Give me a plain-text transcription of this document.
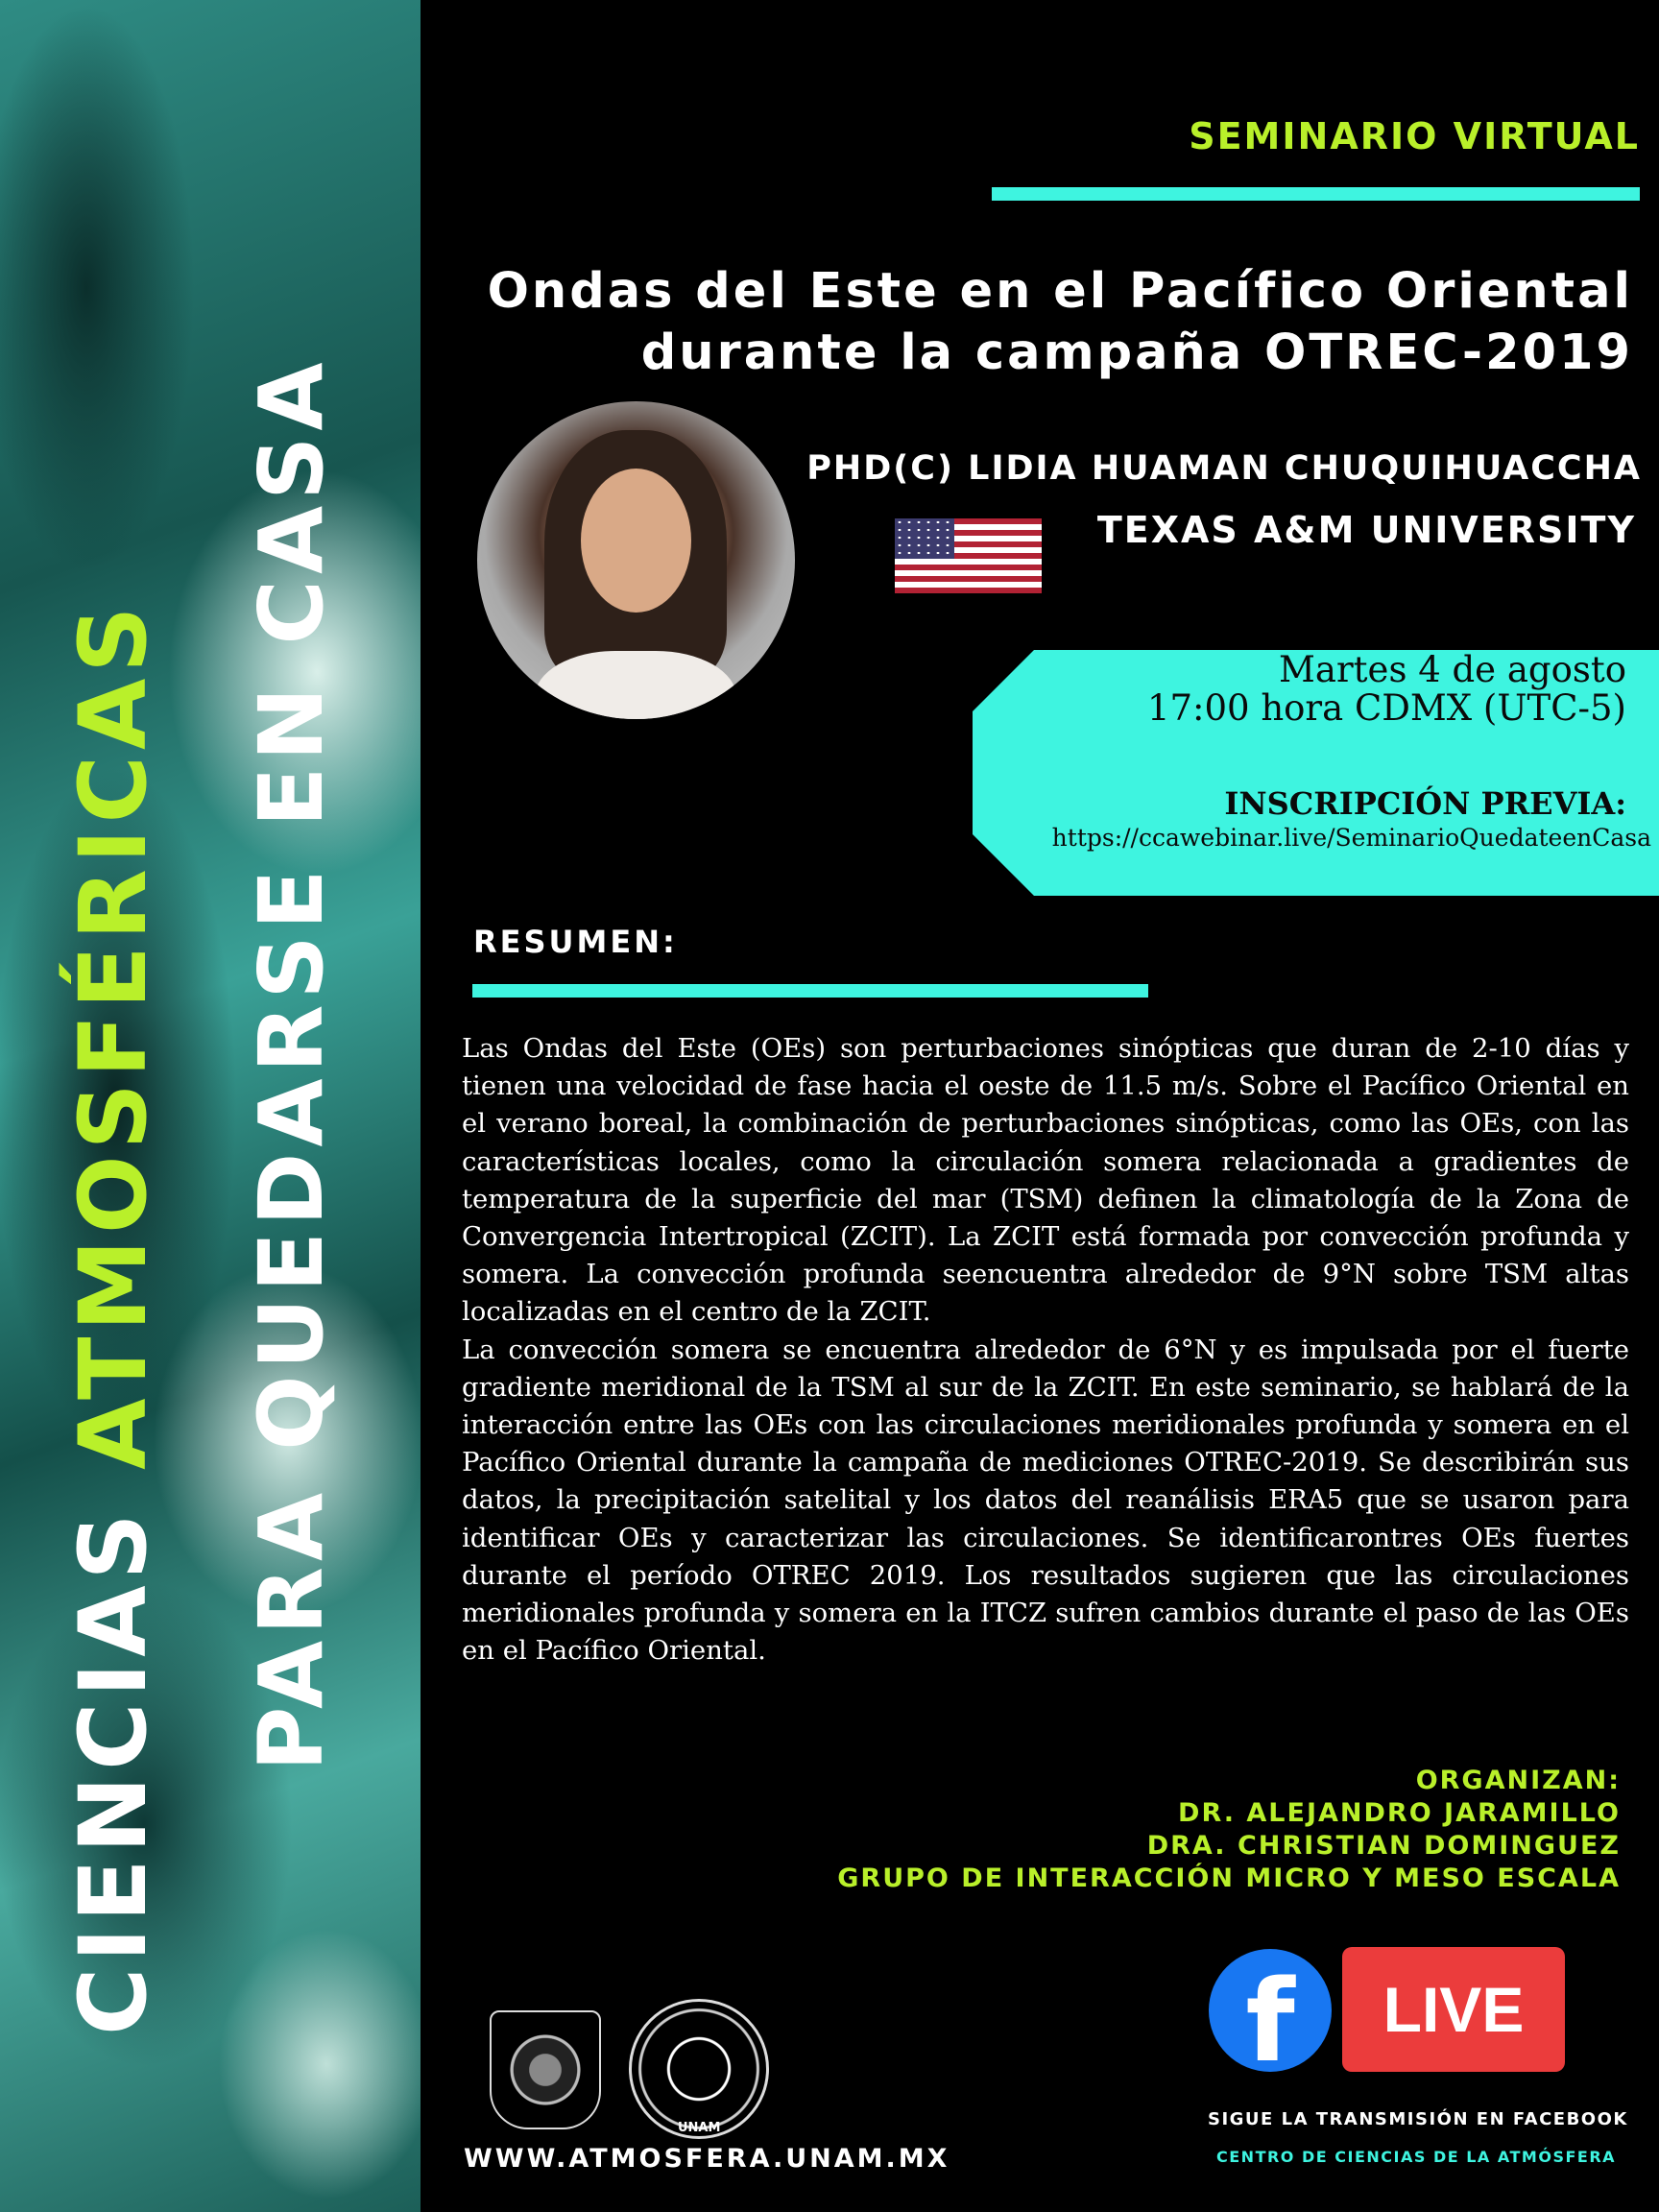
CIENCIAS ATMOSFÉRICAS PARA QUEDARSE EN CASA
SEMINARIO VIRTUAL
Ondas del Este en el Pacífico Oriental
durante la campaña OTREC-2019
PHD(C) LIDIA HUAMAN CHUQUIHUACCHA
TEXAS A&M UNIVERSITY
Martes 4 de agosto
17:00 hora CDMX (UTC-5)
INSCRIPCIÓN PREVIA:
https://ccawebinar.live/SeminarioQuedateenCasa
RESUMEN:

Las Ondas del Este (OEs) son perturbaciones sinópticas que duran de 2-10 días y tienen una velocidad de fase hacia el oeste de 11.5 m/s. Sobre el Pacífico Oriental en el verano boreal, la combinación de perturbaciones sinópticas, como las OEs, con las características locales, como la circulación somera relacionada a gradientes de temperatura de la superficie del mar (TSM) definen la climatología de la Zona de Convergencia Intertropical (ZCIT). La ZCIT está formada por convección profunda y somera. La convección profunda seencuentra alrededor de 9°N sobre TSM altas localizadas en el centro de la ZCIT.

La convección somera se encuentra alrededor de 6°N y es impulsada por el fuerte gradiente meridional de la TSM al sur de la ZCIT. En este seminario, se hablará de la interacción entre las OEs con las circulaciones meridionales profunda y somera en el Pacífico Oriental durante la campaña de mediciones OTREC-2019. Se describirán sus datos, la precipitación satelital y los datos del reanálisis ERA5 que se usaron para identificar OEs y caracterizar las circulaciones. Se identificarontres OEs fuertes durante el período OTREC 2019. Los resultados sugieren que las circulaciones meridionales profunda y somera en la ITCZ sufren cambios durante el paso de las OEs en el Pacífico Oriental.

ORGANIZAN:
DR. ALEJANDRO JARAMILLO
DRA. CHRISTIAN DOMINGUEZ
GRUPO DE INTERACCIÓN MICRO Y MESO ESCALA
UNAM
WWW.ATMOSFERA.UNAM.MX
f	LIVE
SIGUE LA TRANSMISIÓN EN FACEBOOK
CENTRO DE CIENCIAS DE LA ATMÓSFERA
